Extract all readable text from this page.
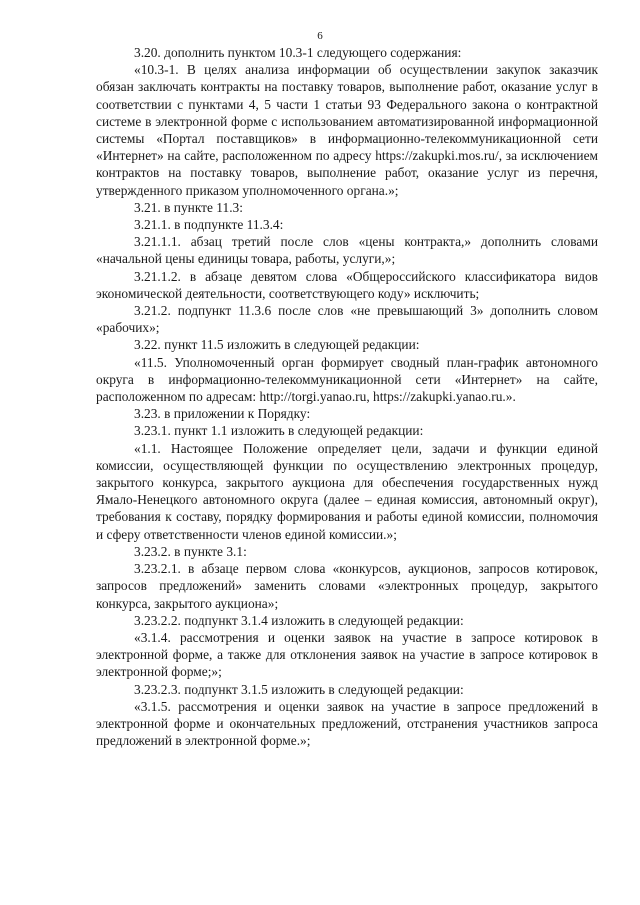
6

3.20. дополнить пунктом 10.3-1 следующего содержания:

«10.3-1. В целях анализа информации об осуществлении закупок заказчик обязан заключать контракты на поставку товаров, выполнение работ, оказание услуг в соответствии с пунктами 4, 5 части 1 статьи 93 Федерального закона о контрактной системе в электронной форме с использованием автоматизированной информационной системы «Портал поставщиков» в информационно-телекоммуникационной сети «Интернет» на сайте, расположенном по адресу https://zakupki.mos.ru/, за исключением контрактов на поставку товаров, выполнение работ, оказание услуг из перечня, утвержденного приказом уполномоченного органа.»;

3.21. в пункте 11.3:

3.21.1. в подпункте 11.3.4:

3.21.1.1. абзац третий после слов «цены контракта,» дополнить словами «начальной цены единицы товара, работы, услуги,»;

3.21.1.2. в абзаце девятом слова «Общероссийского классификатора видов экономической деятельности, соответствующего коду» исключить;

3.21.2. подпункт 11.3.6 после слов «не превышающий 3» дополнить словом «рабочих»;

3.22. пункт 11.5 изложить в следующей редакции:

«11.5. Уполномоченный орган формирует сводный план-график автономного округа в информационно-телекоммуникационной сети «Интернет» на сайте, расположенном по адресам: http://torgi.yanao.ru, https://zakupki.yanao.ru.».

3.23. в приложении к Порядку:

3.23.1. пункт 1.1 изложить в следующей редакции:

«1.1. Настоящее Положение определяет цели, задачи и функции единой комиссии, осуществляющей функции по осуществлению электронных процедур, закрытого конкурса, закрытого аукциона для обеспечения государственных нужд Ямало-Ненецкого автономного округа (далее – единая комиссия, автономный округ), требования к составу, порядку формирования и работы единой комиссии, полномочия и сферу ответственности членов единой комиссии.»;

3.23.2. в пункте 3.1:

3.23.2.1. в абзаце первом слова «конкурсов, аукционов, запросов котировок, запросов предложений» заменить словами «электронных процедур, закрытого конкурса, закрытого аукциона»;

3.23.2.2. подпункт 3.1.4 изложить в следующей редакции:

«3.1.4. рассмотрения и оценки заявок на участие в запросе котировок в электронной форме, а также для отклонения заявок на участие в запросе котировок в электронной форме;»;

3.23.2.3. подпункт 3.1.5 изложить в следующей редакции:

«3.1.5. рассмотрения и оценки заявок на участие в запросе предложений в электронной форме и окончательных предложений, отстранения участников запроса предложений в электронной форме.»;
